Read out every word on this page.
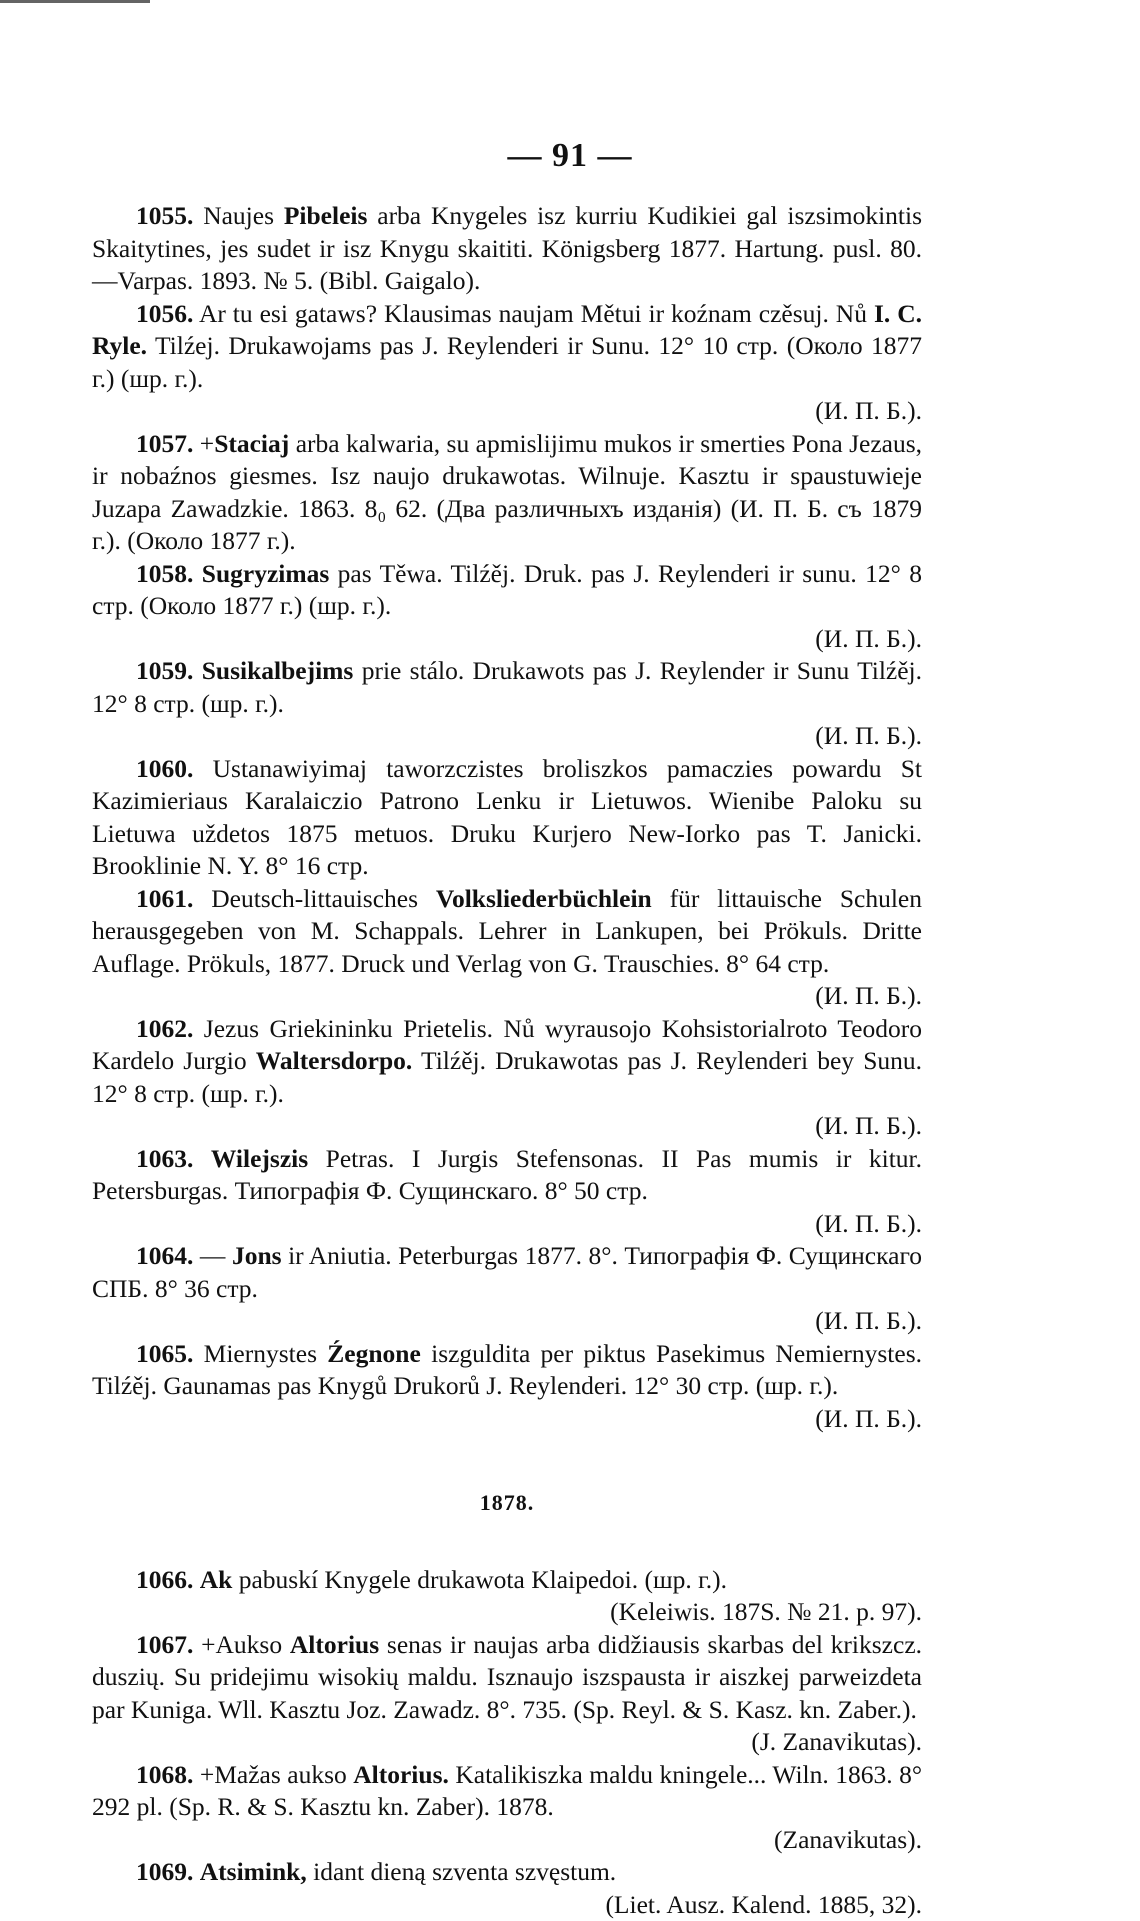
— 91 —

1055. Naujes Pibeleis arba Knygeles isz kurriu Kudikiei gal iszsimokintis Skaitytines, jes sudet ir isz Knygu skaititi. Königsberg 1877. Hartung. pusl. 80.—Varpas. 1893. № 5. (Bibl. Gaigalo).

1056. Ar tu esi gataws? Klausimas naujam Mětui ir koźnam czěsuj. Nů I. C. Ryle. Tilźej. Drukawojams pas J. Reylenderi ir Sunu. 12° 10 стр. (Около 1877 г.) (шр. г.).
(И. П. Б.).

1057. +Staciaj arba kalwaria, su apmislijimu mukos ir smerties Pona Jezaus, ir nobaźnos giesmes. Isz naujo drukawotas. Wilnuje. Kasztu ir spaustuwieje Juzapa Zawadzkie. 1863. 8₀ 62. (Два различныхъ изданія) (И. П. Б. съ 1879 г.). (Около 1877 г.).

1058. Sugryzimas pas Těwa. Tilźěj. Druk. pas J. Reylenderi ir sunu. 12° 8 стр. (Около 1877 г.) (шр. г.).
(И. П. Б.).

1059. Susikalbejims prie stálo. Drukawots pas J. Reylender ir Sunu Tilźěj. 12° 8 стр. (шр. г.).
(И. П. Б.).

1060. Ustanawiyimaj taworzczistes broliszkos pamaczies powardu St Kazimieriaus Karalaiczio Patrono Lenku ir Lietuwos. Wienibe Paloku su Lietuwa uždetos 1875 metuos. Druku Kurjero New-Iorko pas T. Janicki. Brooklinie N. Y. 8° 16 стр.

1061. Deutsch-littauisches Volksliederbüchlein für littauische Schulen herausgegeben von M. Schappals. Lehrer in Lankupen, bei Prökuls. Dritte Auflage. Prökuls, 1877. Druck und Verlag von G. Trauschies. 8° 64 стр.
(И. П. Б.).

1062. Jezus Griekininku Prietelis. Nů wyrausojo Kohsistorialroto Teodoro Kardelo Jurgio Waltersdorpo. Tilźěj. Drukawotas pas J. Reylenderi bey Sunu. 12° 8 стр. (шр. г.).
(И. П. Б.).

1063. Wilejszis Petras. I Jurgis Stefensonas. II Pas mumis ir kitur. Petersburgas. Типографія Ф. Сущинскаго. 8° 50 стр.
(И. П. Б.).

1064. — Jons ir Aniutia. Peterburgas 1877. 8°. Типографія Ф. Сущинскаго СПБ. 8° 36 стр.
(И. П. Б.).

1065. Miernystes Źegnone iszguldita per piktus Pasekimus Nemiernystes. Tilźěj. Gaunamas pas Knygů Drukorů J. Reylenderi. 12° 30 стр. (шр. г.).
(И. П. Б.).

1878.

1066. Ak pabuskí Knygele drukawota Klaipedoi. (шр. г.).
(Keleiwis. 187S. № 21. p. 97).

1067. +Aukso Altorius senas ir naujas arba didžiausis skarbas del krikszcz. duszių. Su pridejimu wisokių maldu. Isznaujo iszspausta ir aiszkej parweizdeta par Kuniga. Wll. Kasztu Joz. Zawadz. 8°. 735. (Sp. Reyl. & S. Kasz. kn. Zaber.).
(J. Zanavikutas).

1068. +Mažas aukso Altorius. Katalikiszka maldu kningele... Wiln. 1863. 8° 292 pl. (Sp. R. & S. Kasztu kn. Zaber). 1878.
(Zanavikutas).

1069. Atsimink, idant dieną szventa szvęstum.
(Liet. Ausz. Kalend. 1885, 32).
